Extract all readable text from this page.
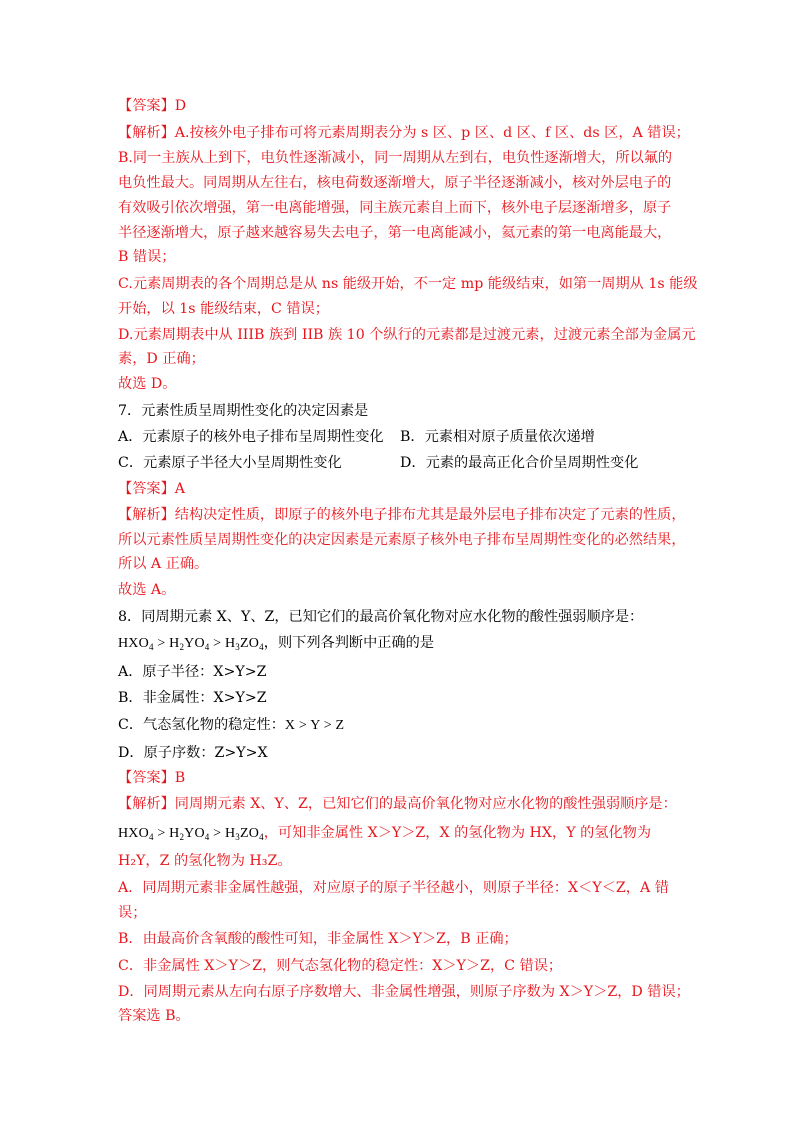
【答案】D
【解析】A.按核外电子排布可将元素周期表分为 s 区、p 区、d 区、f 区、ds 区，A 错误；
B.同一主族从上到下，电负性逐渐减小，同一周期从左到右，电负性逐渐增大，所以氟的
电负性最大。同周期从左往右，核电荷数逐渐增大，原子半径逐渐减小，核对外层电子的
有效吸引依次增强，第一电离能增强，同主族元素自上而下，核外电子层逐渐增多，原子
半径逐渐增大，原子越来越容易失去电子，第一电离能减小，氦元素的第一电离能最大，
B 错误；
C.元素周期表的各个周期总是从 ns 能级开始，不一定 mp 能级结束，如第一周期从 1s 能级
开始，以 1s 能级结束，C 错误；
D.元素周期表中从 IIIB 族到 IIB 族 10 个纵行的元素都是过渡元素，过渡元素全部为金属元
素，D 正确；
故选 D。
7．元素性质呈周期性变化的决定因素是
A．元素原子的核外电子排布呈周期性变化 B．元素相对原子质量依次递增
C．元素原子半径大小呈周期性变化	D．元素的最高正化合价呈周期性变化
【答案】A
【解析】结构决定性质，即原子的核外电子排布尤其是最外层电子排布决定了元素的性质，
所以元素性质呈周期性变化的决定因素是元素原子核外电子排布呈周期性变化的必然结果，
所以 A 正确。
故选 A。
8．同周期元素 X、Y、Z，已知它们的最高价氧化物对应水化物的酸性强弱顺序是：
$HXO_4 > H_2YO_4 > H_3ZO_4$，则下列各判断中正确的是
A．原子半径：X>Y>Z
B．非金属性：X>Y>Z
C．气态氢化物的稳定性：X > Y > Z
D．原子序数：Z>Y>X
【答案】B
【解析】同周期元素 X、Y、Z，已知它们的最高价氧化物对应水化物的酸性强弱顺序是：
$HXO_4 > H_2YO_4 > H_3ZO_4$，可知非金属性 X＞Y＞Z，X 的氢化物为 HX，Y 的氢化物为
H₂Y，Z 的氢化物为 H₃Z。
A．同周期元素非金属性越强，对应原子的原子半径越小，则原子半径：X＜Y＜Z，A 错
误；
B．由最高价含氧酸的酸性可知，非金属性 X＞Y＞Z，B 正确；
C．非金属性 X＞Y＞Z，则气态氢化物的稳定性：X＞Y＞Z，C 错误；
D．同周期元素从左向右原子序数增大、非金属性增强，则原子序数为 X＞Y＞Z，D 错误；
答案选 B。
